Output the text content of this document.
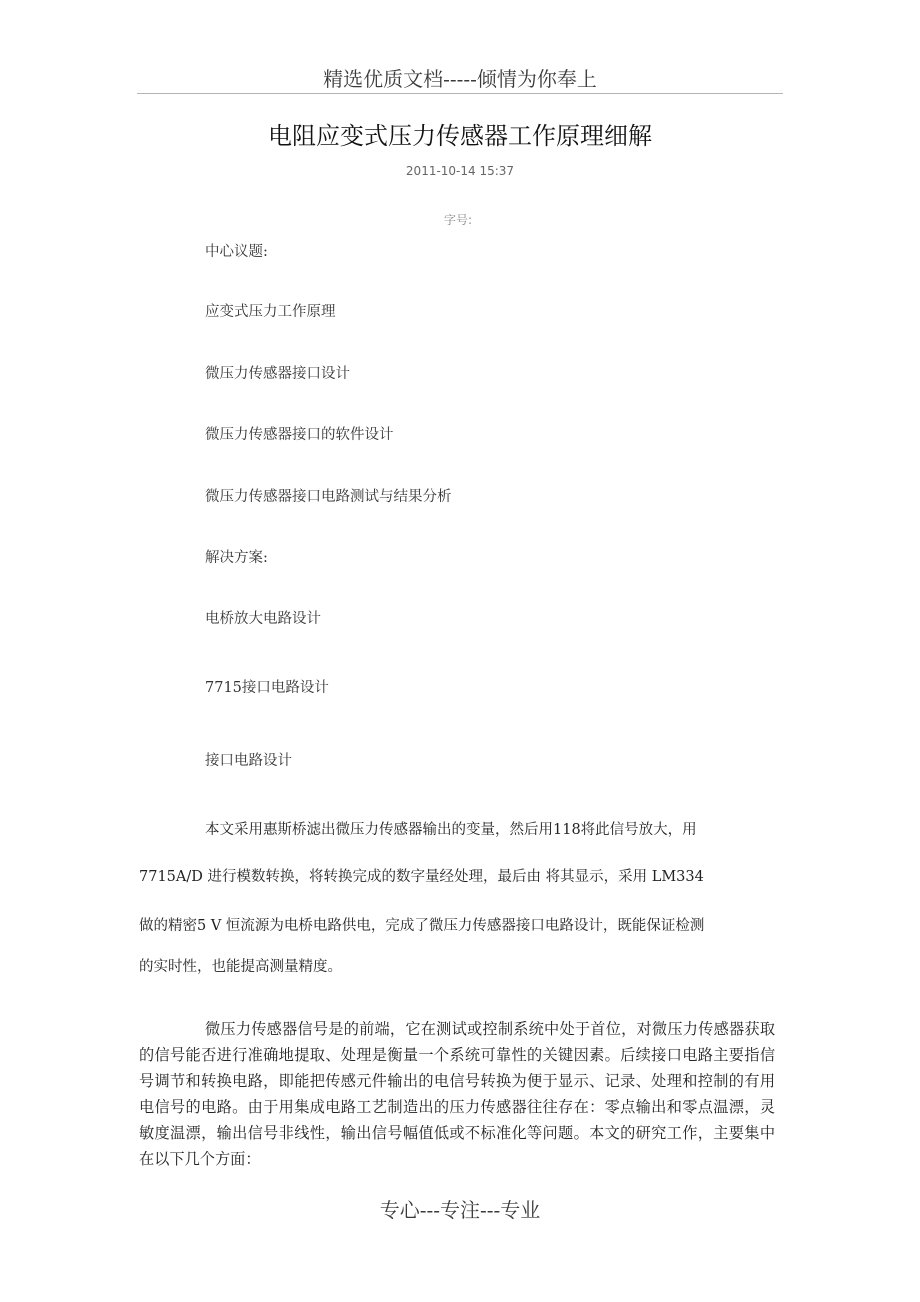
精选优质文档-----倾情为你奉上
电阻应变式压力传感器工作原理细解
2011-10-14 15:37
字号:
中心议题:
应变式压力工作原理
微压力传感器接口设计
微压力传感器接口的软件设计
微压力传感器接口电路测试与结果分析
解决方案:
电桥放大电路设计
7715接口电路设计
接口电路设计
本文采用惠斯桥滤出微压力传感器输出的变量，然后用118将此信号放大，用
7715A/D 进行模数转换，将转换完成的数字量经处理，最后由 将其显示，采用 LM334
做的精密5 V 恒流源为电桥电路供电，完成了微压力传感器接口电路设计，既能保证检测
的实时性，也能提高测量精度。
微压力传感器信号是的前端，它在测试或控制系统中处于首位，对微压力传感器获取的信号能否进行准确地提取、处理是衡量一个系统可靠性的关键因素。后续接口电路主要指信号调节和转换电路，即能把传感元件输出的电信号转换为便于显示、记录、处理和控制的有用电信号的电路。由于用集成电路工艺制造出的压力传感器往往存在：零点输出和零点温漂，灵敏度温漂，输出信号非线性，输出信号幅值低或不标准化等问题。本文的研究工作，主要集中在以下几个方面：
专心---专注---专业
